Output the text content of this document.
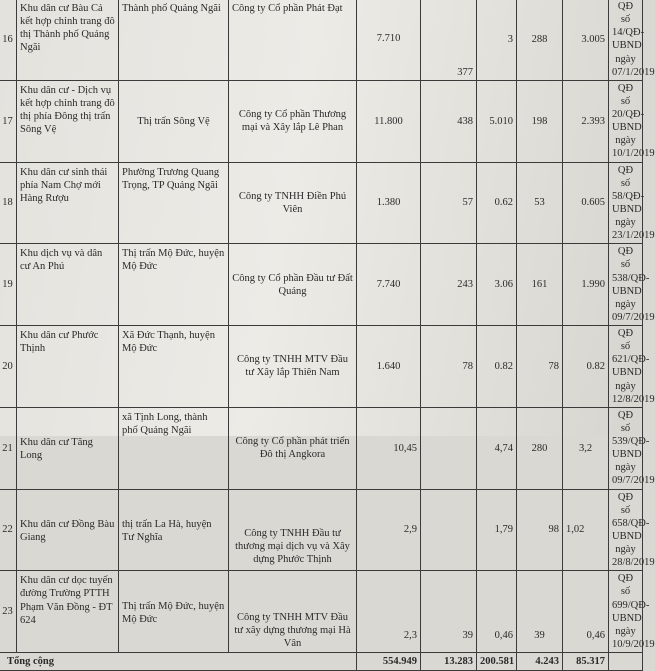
16	Khu dân cư Bàu Cả kết hợp chỉnh trang đô thị Thành phố Quảng Ngãi	Thành phố Quảng Ngãi	Công ty Cổ phần Phát Đạt	7.710	377	3	288	3.005	QĐ số 14/QĐ-UBND ngày 07/1/2019
17	Khu dân cư - Dịch vụ kết hợp chỉnh trang đô thị phía Đông thị trấn Sông Vệ	Thị trấn Sông Vệ	Công ty Cổ phần Thương mại và Xây lắp Lê Phan	11.800	438	5.010	198	2.393	QĐ số 20/QĐ-UBND ngày 10/1/2019
18	Khu dân cư sinh thái phía Nam Chợ mới Hàng Rượu	Phường Trương Quang Trọng, TP Quảng Ngãi	Công ty TNHH Điền Phú Viên	1.380	57	0.62	53	0.605	QĐ số 58/QĐ-UBND ngày 23/1/2019
19	Khu dịch vụ và dân cư An Phú	Thị trấn Mộ Đức, huyện Mộ Đức	Công ty Cổ phần Đầu tư Đất Quảng	7.740	243	3.06	161	1.990	QĐ số 538/QĐ-UBND ngày 09/7/2019
20	Khu dân cư Phước Thịnh	Xã Đức Thạnh, huyện Mộ Đức	Công ty TNHH MTV Đầu tư Xây lắp Thiên Nam	1.640	78	0.82	78	0.82	QĐ số 621/QĐ-UBND ngày 12/8/2019
21	Khu dân cư Tăng Long	xã Tịnh Long, thành phố Quảng Ngãi	Công ty Cổ phần phát triển Đô thị Angkora	10,45		4,74	280	3,2	QĐ số 539/QĐ-UBND ngày 09/7/2019
22	Khu dân cư Đồng Bàu Giang	thị trấn La Hà, huyện Tư Nghĩa	Công ty TNHH Đầu tư thương mại dịch vụ và Xây dựng Phước Thịnh	2,9		1,79	98	1,02	QĐ số 658/QĐ-UBND ngày 28/8/2019
23	Khu dân cư dọc tuyến đường Trường PTTH Phạm Văn Đồng - ĐT 624	Thị trấn Mộ Đức, huyện Mộ Đức	Công ty TNHH MTV Đầu tư xây dựng thương mại Hà Vân	2,3	39	0,46	39	0,46	QĐ số 699/QĐ-UBND ngày 10/9/2019
Tổng cộng				554.949	13.283	200.581	4.243	85.317	
